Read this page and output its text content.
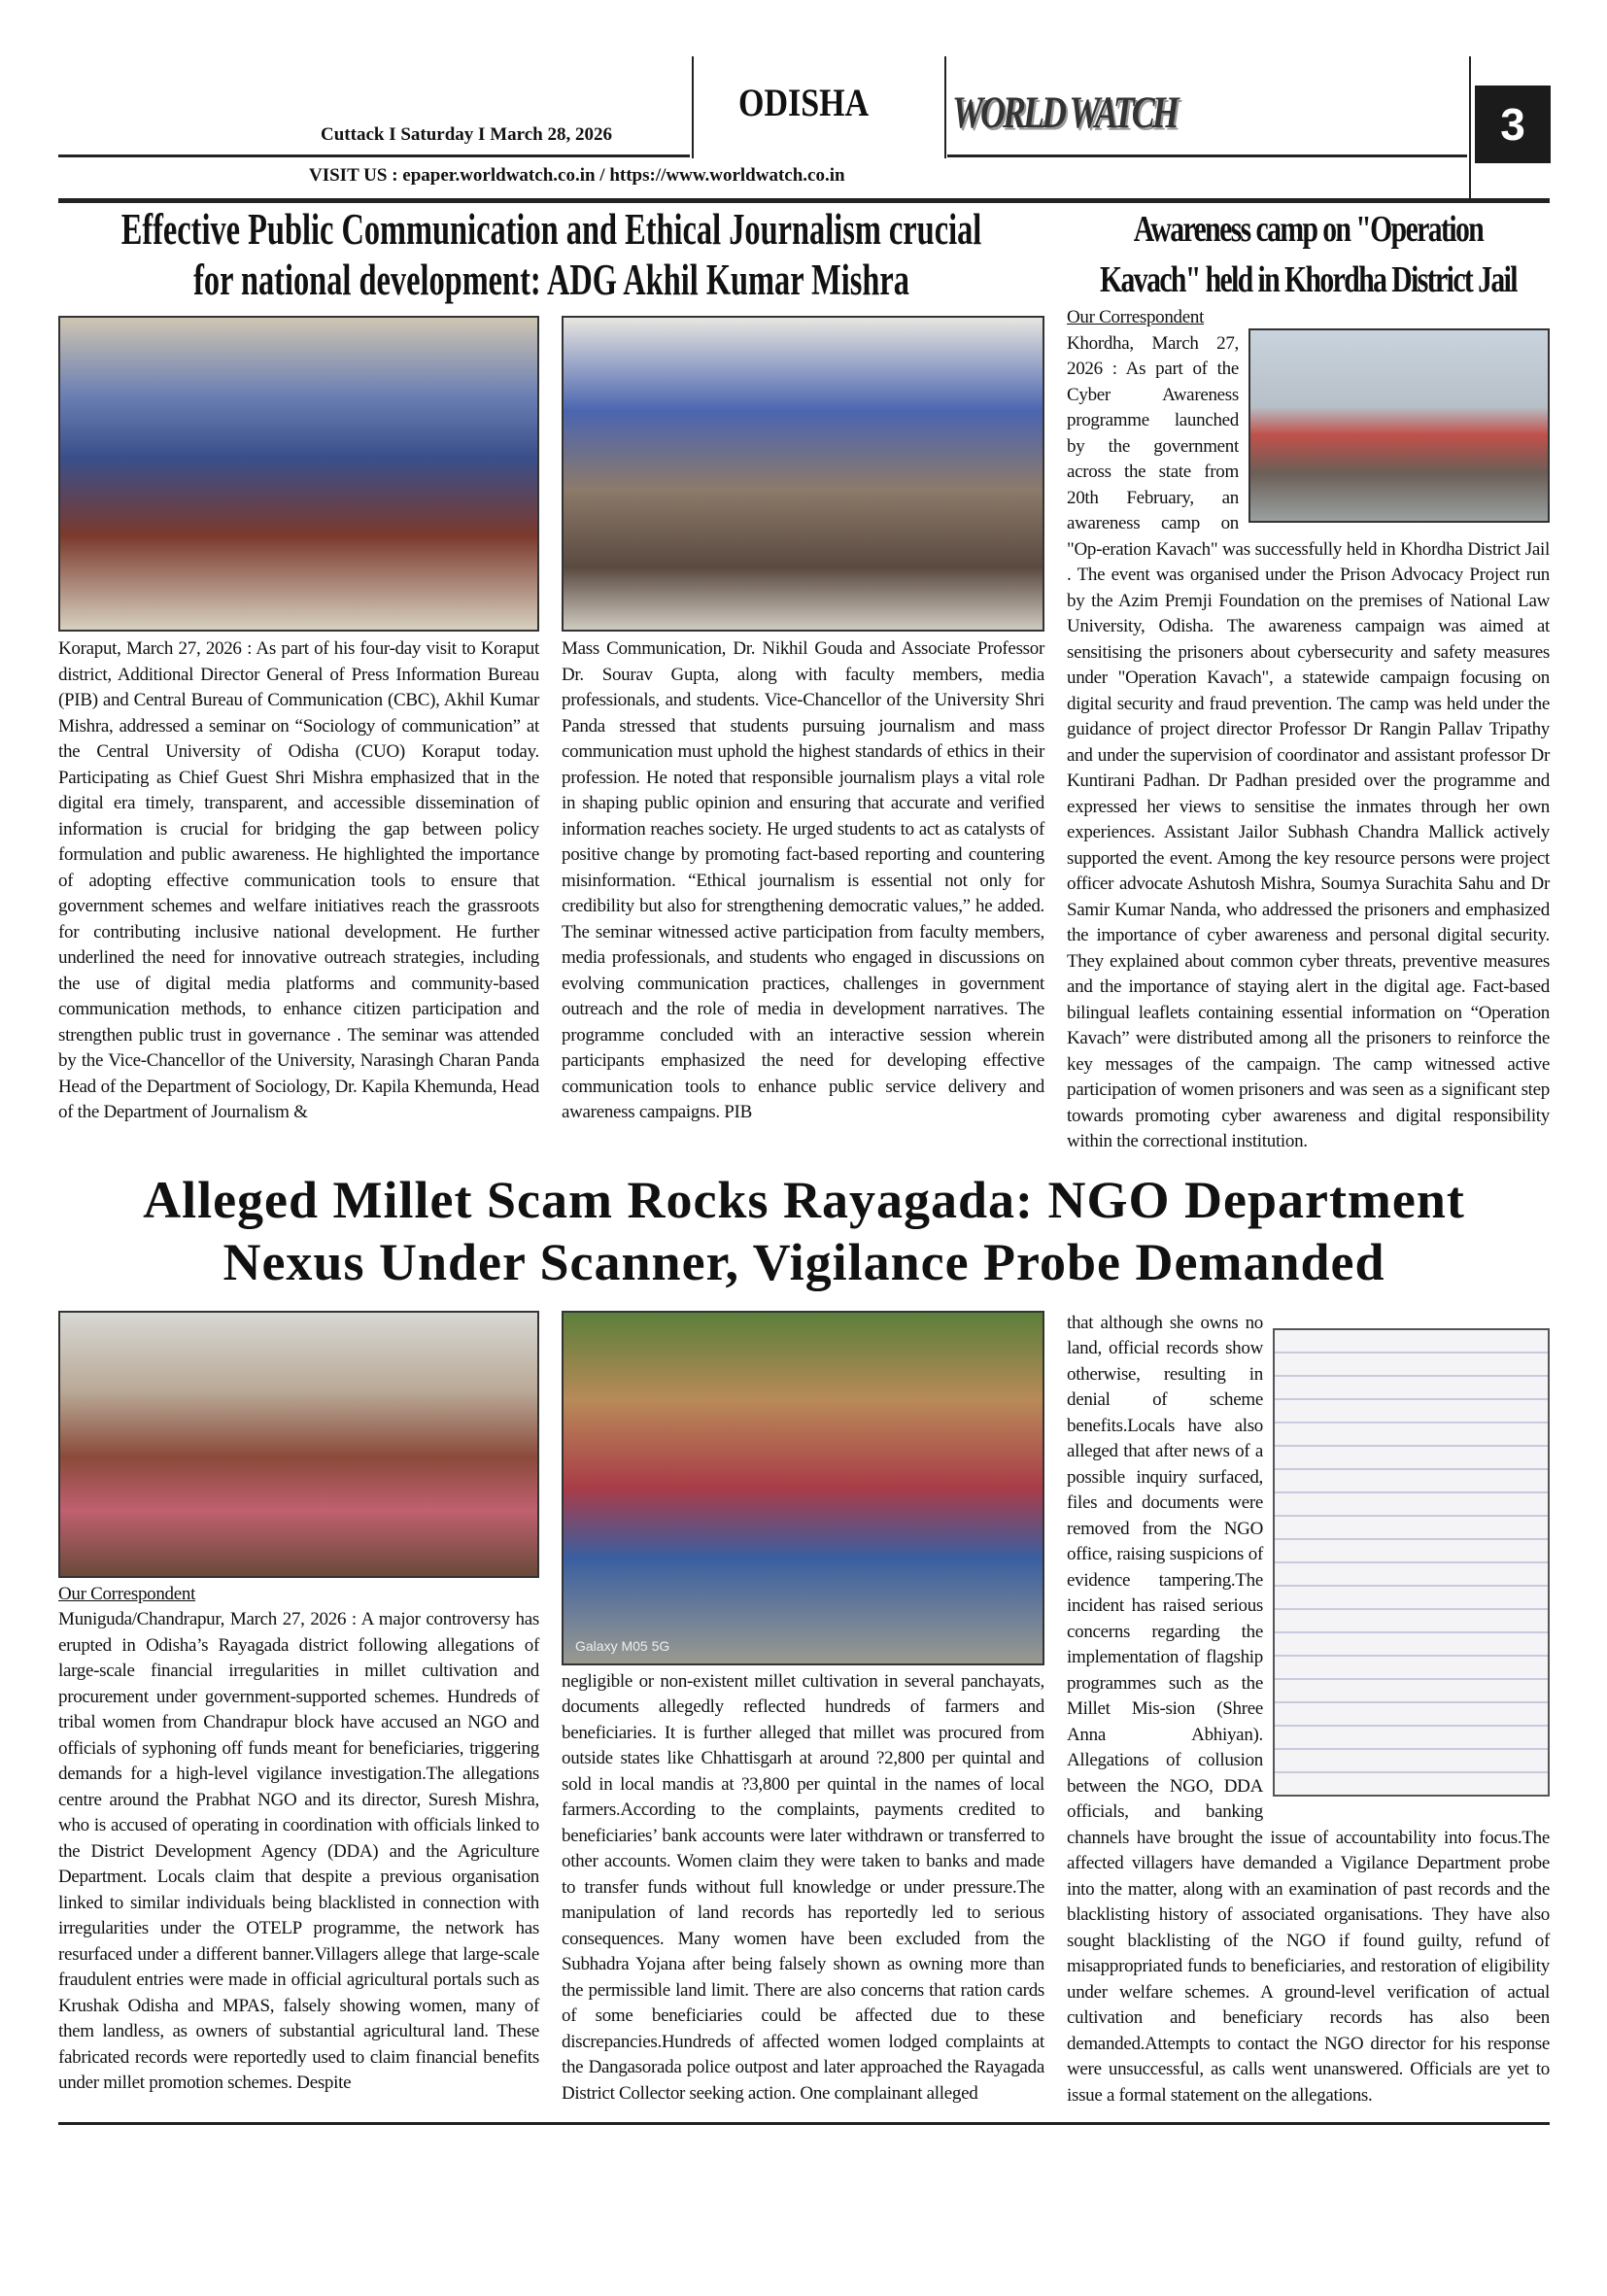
ODISHA
Cuttack I Saturday I March 28, 2026	WORLD WATCH	3
VISIT US : epaper.worldwatch.co.in / https://www.worldwatch.co.in
Effective Public Communication and Ethical Journalism crucial
for national development: ADG Akhil Kumar Mishra
Koraput, March 27, 2026 : As part of his four-day visit to Koraput district, Additional Director General of Press Information Bureau (PIB) and Central Bureau of Communication (CBC), Akhil Kumar Mishra, addressed a seminar on “Sociology of communication” at the Central University of Odisha (CUO) Koraput today. Participating as Chief Guest Shri Mishra emphasized that in the digital era timely, transparent, and accessible dissemination of information is crucial for bridging the gap between policy formulation and public awareness. He highlighted the importance of adopting effective communication tools to ensure that government schemes and welfare initiatives reach the grassroots for contributing inclusive national development. He further underlined the need for innovative outreach strategies, including the use of digital media platforms and community-based communication methods, to enhance citizen participation and strengthen public trust in governance . The seminar was attended by the Vice-Chancellor of the University, Narasingh Charan Panda Head of the Department of Sociology, Dr. Kapila Khemunda, Head of the Department of Journalism &
Mass Communication, Dr. Nikhil Gouda and Associate Professor Dr. Sourav Gupta, along with faculty members, media professionals, and students. Vice-Chancellor of the University Shri Panda stressed that students pursuing journalism and mass communication must uphold the highest standards of ethics in their profession. He noted that responsible journalism plays a vital role in shaping public opinion and ensuring that accurate and verified information reaches society. He urged students to act as catalysts of positive change by promoting fact-based reporting and countering misinformation. “Ethical journalism is essential not only for credibility but also for strengthening democratic values,” he added. The seminar witnessed active participation from faculty members, media professionals, and students who engaged in discussions on evolving communication practices, challenges in government outreach and the role of media in development narratives. The programme concluded with an interactive session wherein participants emphasized the need for developing effective communication tools to enhance public service delivery and awareness campaigns. PIB
Awareness camp on "Operation
Kavach" held in Khordha District Jail
Our Correspondent
Khordha, March 27, 2026 : As part of the Cyber Awareness programme launched by the government across the state from 20th February, an awareness camp on "Op-eration Kavach" was successfully held in Khordha District Jail . The event was organised under the Prison Advocacy Project run by the Azim Premji Foundation on the premises of National Law University, Odisha. The awareness campaign was aimed at sensitising the prisoners about cybersecurity and safety measures under "Operation Kavach", a statewide campaign focusing on digital security and fraud prevention. The camp was held under the guidance of project director Professor Dr Rangin Pallav Tripathy and under the supervision of coordinator and assistant professor Dr Kuntirani Padhan. Dr Padhan presided over the programme and expressed her views to sensitise the inmates through her own experiences. Assistant Jailor Subhash Chandra Mallick actively supported the event. Among the key resource persons were project officer advocate Ashutosh Mishra, Soumya Surachita Sahu and Dr Samir Kumar Nanda, who addressed the prisoners and emphasized the importance of cyber awareness and personal digital security. They explained about common cyber threats, preventive measures and the importance of staying alert in the digital age. Fact-based bilingual leaflets containing essential information on “Operation Kavach” were distributed among all the prisoners to reinforce the key messages of the campaign. The camp witnessed active participation of women prisoners and was seen as a significant step towards promoting cyber awareness and digital responsibility within the correctional institution.
Alleged Millet Scam Rocks Rayagada: NGO Department
Nexus Under Scanner, Vigilance Probe Demanded
Our Correspondent
Muniguda/Chandrapur, March 27, 2026 : A major controversy has erupted in Odisha’s Rayagada district following allegations of large-scale financial irregularities in millet cultivation and procurement under government-supported schemes. Hundreds of tribal women from Chandrapur block have accused an NGO and officials of syphoning off funds meant for beneficiaries, triggering demands for a high-level vigilance investigation.The allegations centre around the Prabhat NGO and its director, Suresh Mishra, who is accused of operating in coordination with officials linked to the District Development Agency (DDA) and the Agriculture Department. Locals claim that despite a previous organisation linked to similar individuals being blacklisted in connection with irregularities under the OTELP programme, the network has resurfaced under a different banner.Villagers allege that large-scale fraudulent entries were made in official agricultural portals such as Krushak Odisha and MPAS, falsely showing women, many of them landless, as owners of substantial agricultural land. These fabricated records were reportedly used to claim financial benefits under millet promotion schemes. Despite
Galaxy M05 5G
negligible or non-existent millet cultivation in several panchayats, documents allegedly reflected hundreds of farmers and beneficiaries. It is further alleged that millet was procured from outside states like Chhattisgarh at around ?2,800 per quintal and sold in local mandis at ?3,800 per quintal in the names of local farmers.According to the complaints, payments credited to beneficiaries’ bank accounts were later withdrawn or transferred to other accounts. Women claim they were taken to banks and made to transfer funds without full knowledge or under pressure.The manipulation of land records has reportedly led to serious consequences. Many women have been excluded from the Subhadra Yojana after being falsely shown as owning more than the permissible land limit. There are also concerns that ration cards of some beneficiaries could be affected due to these discrepancies.Hundreds of affected women lodged complaints at the Dangasorada police outpost and later approached the Rayagada District Collector seeking action. One complainant alleged
that although she owns no land, official records show otherwise, resulting in denial of scheme benefits.Locals have also alleged that after news of a possible inquiry surfaced, files and documents were removed from the NGO office, raising suspicions of evidence tampering.The incident has raised serious concerns regarding the implementation of flagship programmes such as the Millet Mis-sion (Shree Anna Abhiyan). Allegations of collusion between the NGO, DDA officials, and banking channels have brought the issue of accountability into focus.The affected villagers have demanded a Vigilance Department probe into the matter, along with an examination of past records and the blacklisting history of associated organisations. They have also sought blacklisting of the NGO if found guilty, refund of misappropriated funds to beneficiaries, and restoration of eligibility under welfare schemes. A ground-level verification of actual cultivation and beneficiary records has also been demanded.Attempts to contact the NGO director for his response were unsuccessful, as calls went unanswered. Officials are yet to issue a formal statement on the allegations.
